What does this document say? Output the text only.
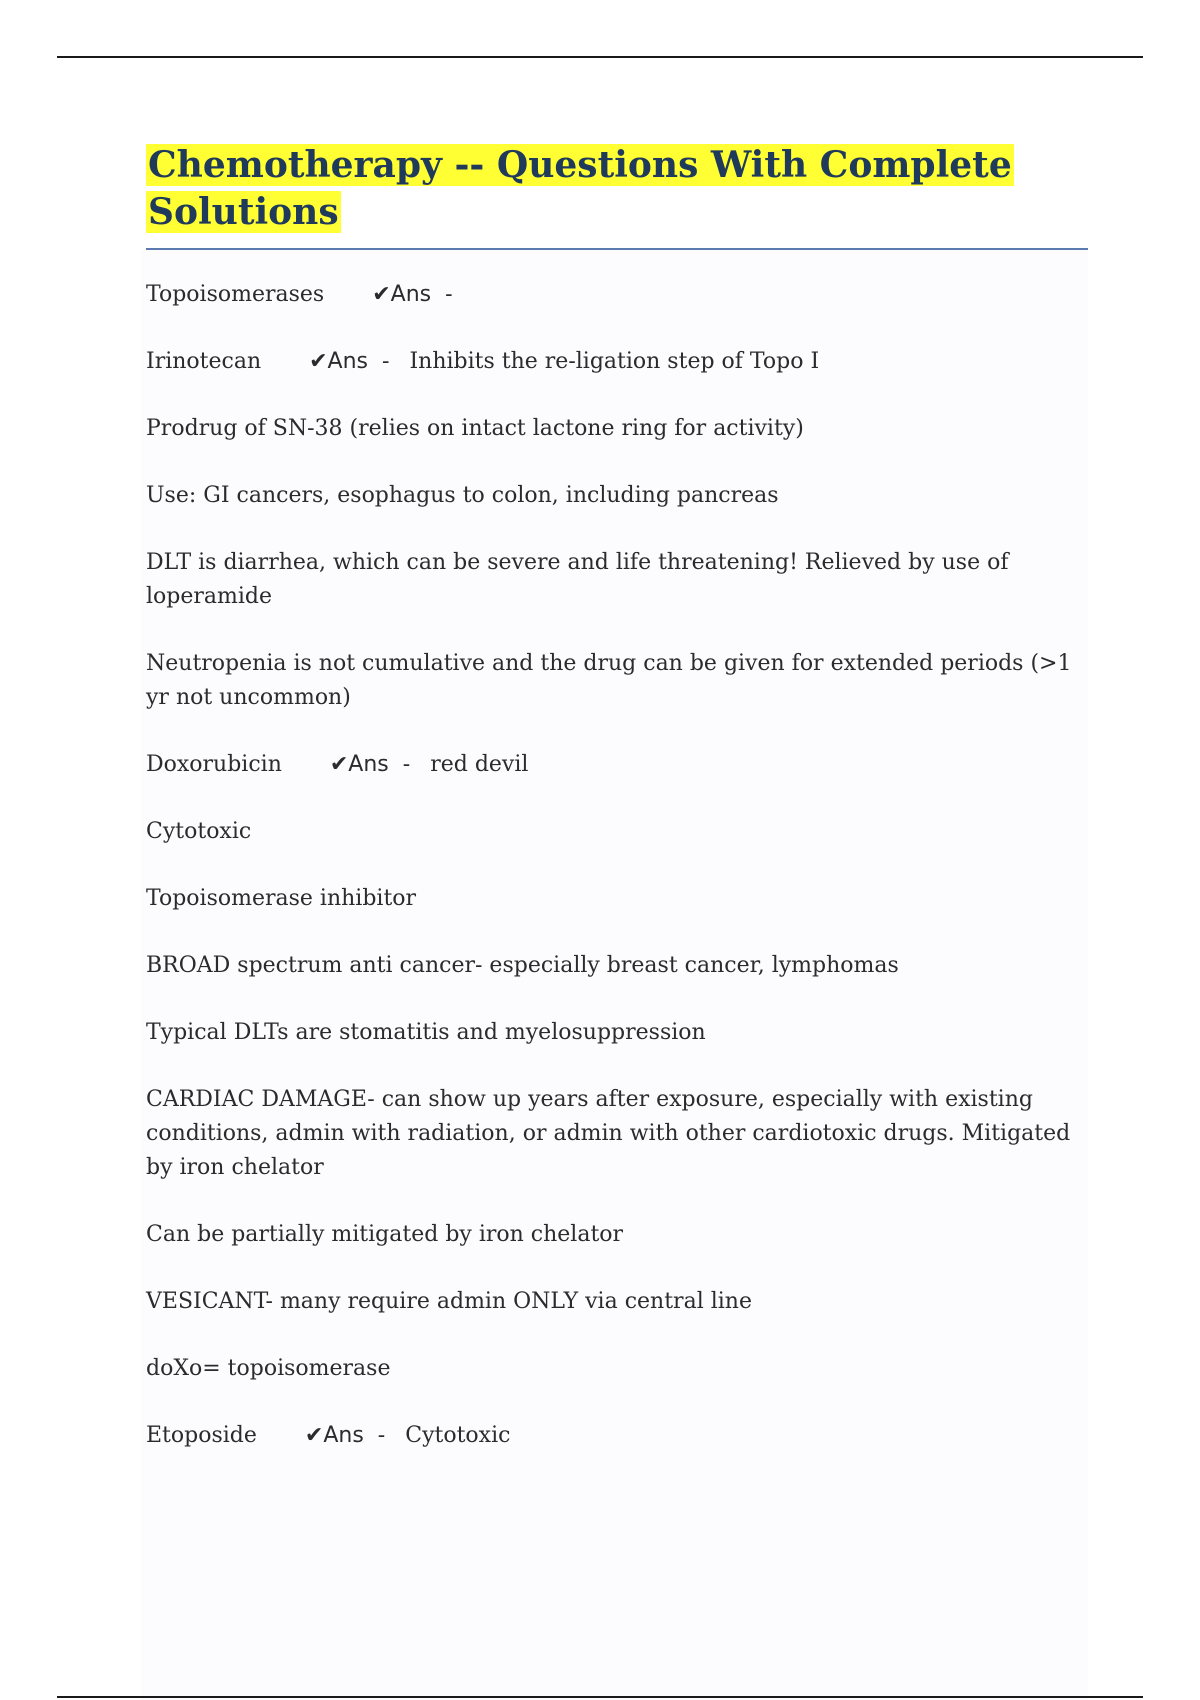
Chemotherapy -- Questions With Complete
Solutions

Topoisomerases ✔Ans -

Irinotecan ✔Ans - Inhibits the re-ligation step of Topo I

Prodrug of SN-38 (relies on intact lactone ring for activity)

Use: GI cancers, esophagus to colon, including pancreas

DLT is diarrhea, which can be severe and life threatening! Relieved by use of loperamide

Neutropenia is not cumulative and the drug can be given for extended periods (>1 yr not uncommon)

Doxorubicin ✔Ans - red devil

Cytotoxic

Topoisomerase inhibitor

BROAD spectrum anti cancer- especially breast cancer, lymphomas

Typical DLTs are stomatitis and myelosuppression

CARDIAC DAMAGE- can show up years after exposure, especially with existing conditions, admin with radiation, or admin with other cardiotoxic drugs. Mitigated by iron chelator

Can be partially mitigated by iron chelator

VESICANT- many require admin ONLY via central line

doXo= topoisomerase

Etoposide ✔Ans - Cytotoxic
